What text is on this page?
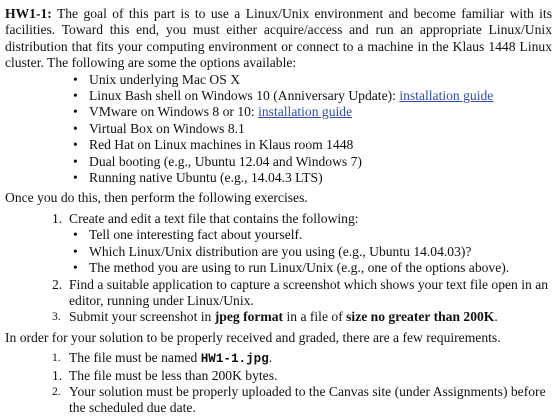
HW1-1: The goal of this part is to use a Linux/Unix environment and become familiar with its facilities. Toward this end, you must either acquire/access and run an appropriate Linux/Unix distribution that fits your computing environment or connect to a machine in the Klaus 1448 Linux cluster. The following are some the options available:

• Unix underlying Mac OS X
• Linux Bash shell on Windows 10 (Anniversary Update): installation guide
• VMware on Windows 8 or 10: installation guide
• Virtual Box on Windows 8.1
• Red Hat on Linux machines in Klaus room 1448
• Dual booting (e.g., Ubuntu 12.04 and Windows 7)
• Running native Ubuntu (e.g., 14.04.3 LTS)

Once you do this, then perform the following exercises.

1. Create and edit a text file that contains the following:
• Tell one interesting fact about yourself.
• Which Linux/Unix distribution are you using (e.g., Ubuntu 14.04.03)?
• The method you are using to run Linux/Unix (e.g., one of the options above).
2. Find a suitable application to capture a screenshot which shows your text file open in an editor, running under Linux/Unix.
3. Submit your screenshot in jpeg format in a file of size no greater than 200K.

In order for your solution to be properly received and graded, there are a few requirements.

1. The file must be named HW1-1.jpg.
1. The file must be less than 200K bytes.
2. Your solution must be properly uploaded to the Canvas site (under Assignments) before the scheduled due date.
